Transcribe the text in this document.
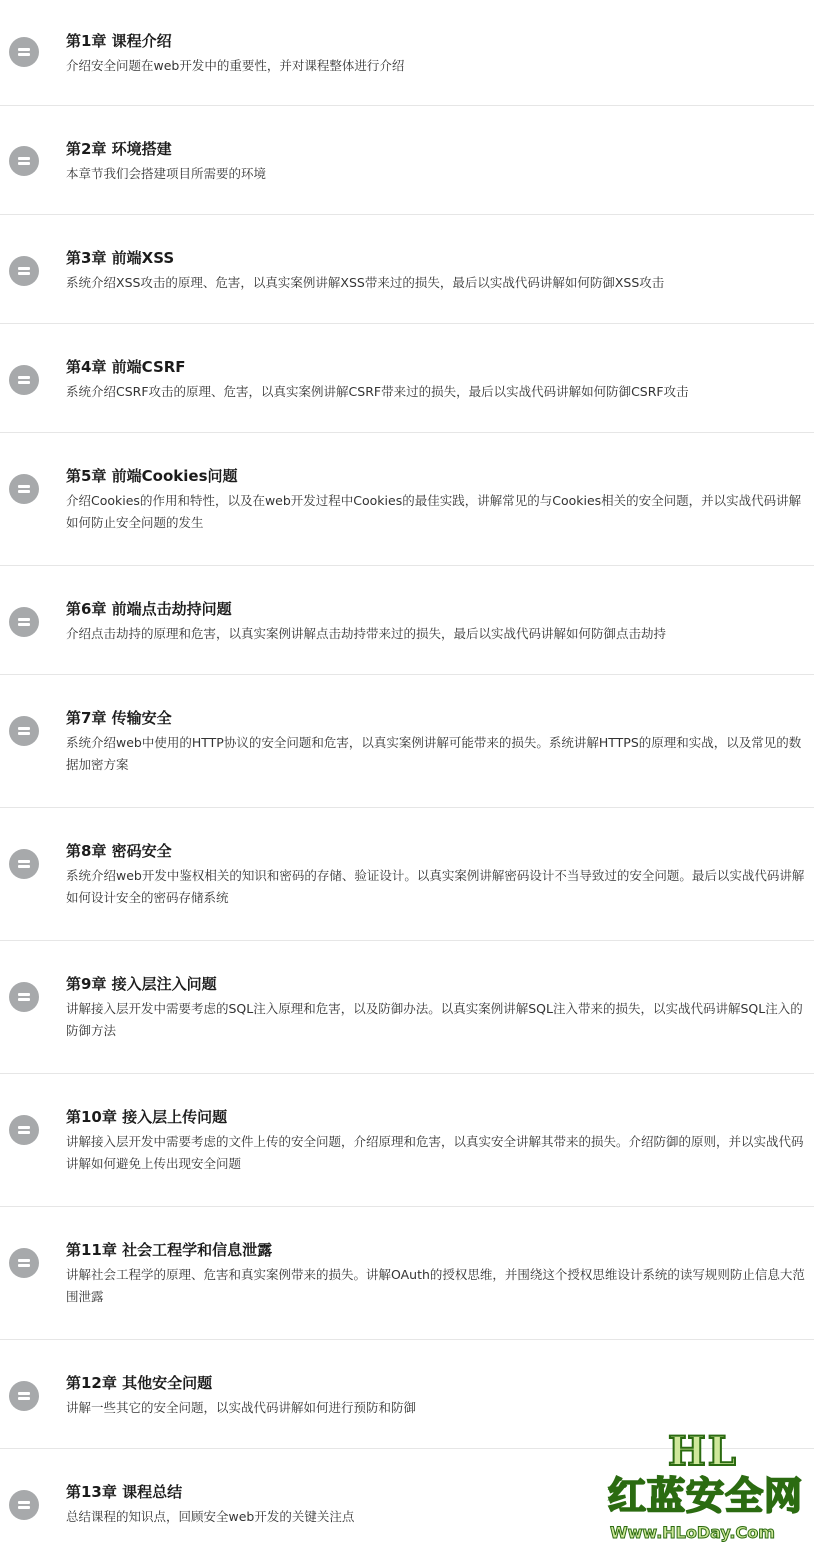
第1章 课程介绍
介绍安全问题在web开发中的重要性，并对课程整体进行介绍
第2章 环境搭建
本章节我们会搭建项目所需要的环境
第3章 前端XSS
系统介绍XSS攻击的原理、危害，以真实案例讲解XSS带来过的损失，最后以实战代码讲解如何防御XSS攻击
第4章 前端CSRF
系统介绍CSRF攻击的原理、危害，以真实案例讲解CSRF带来过的损失，最后以实战代码讲解如何防御CSRF攻击
第5章 前端Cookies问题
介绍Cookies的作用和特性，以及在web开发过程中Cookies的最佳实践，讲解常见的与Cookies相关的安全问题，并以实战代码讲解如何防止安全问题的发生
第6章 前端点击劫持问题
介绍点击劫持的原理和危害，以真实案例讲解点击劫持带来过的损失，最后以实战代码讲解如何防御点击劫持
第7章 传输安全
系统介绍web中使用的HTTP协议的安全问题和危害，以真实案例讲解可能带来的损失。系统讲解HTTPS的原理和实战，以及常见的数据加密方案
第8章 密码安全
系统介绍web开发中鉴权相关的知识和密码的存储、验证设计。以真实案例讲解密码设计不当导致过的安全问题。最后以实战代码讲解如何设计安全的密码存储系统
第9章 接入层注入问题
讲解接入层开发中需要考虑的SQL注入原理和危害，以及防御办法。以真实案例讲解SQL注入带来的损失，以实战代码讲解SQL注入的防御方法
第10章 接入层上传问题
讲解接入层开发中需要考虑的文件上传的安全问题，介绍原理和危害，以真实安全讲解其带来的损失。介绍防御的原则，并以实战代码讲解如何避免上传出现安全问题
第11章 社会工程学和信息泄露
讲解社会工程学的原理、危害和真实案例带来的损失。讲解OAuth的授权思维，并围绕这个授权思维设计系统的读写规则防止信息大范围泄露
第12章 其他安全问题
讲解一些其它的安全问题，以实战代码讲解如何进行预防和防御
第13章 课程总结
总结课程的知识点，回顾安全web开发的关键关注点
HL
红蓝安全网
Www.HLoDay.Com
